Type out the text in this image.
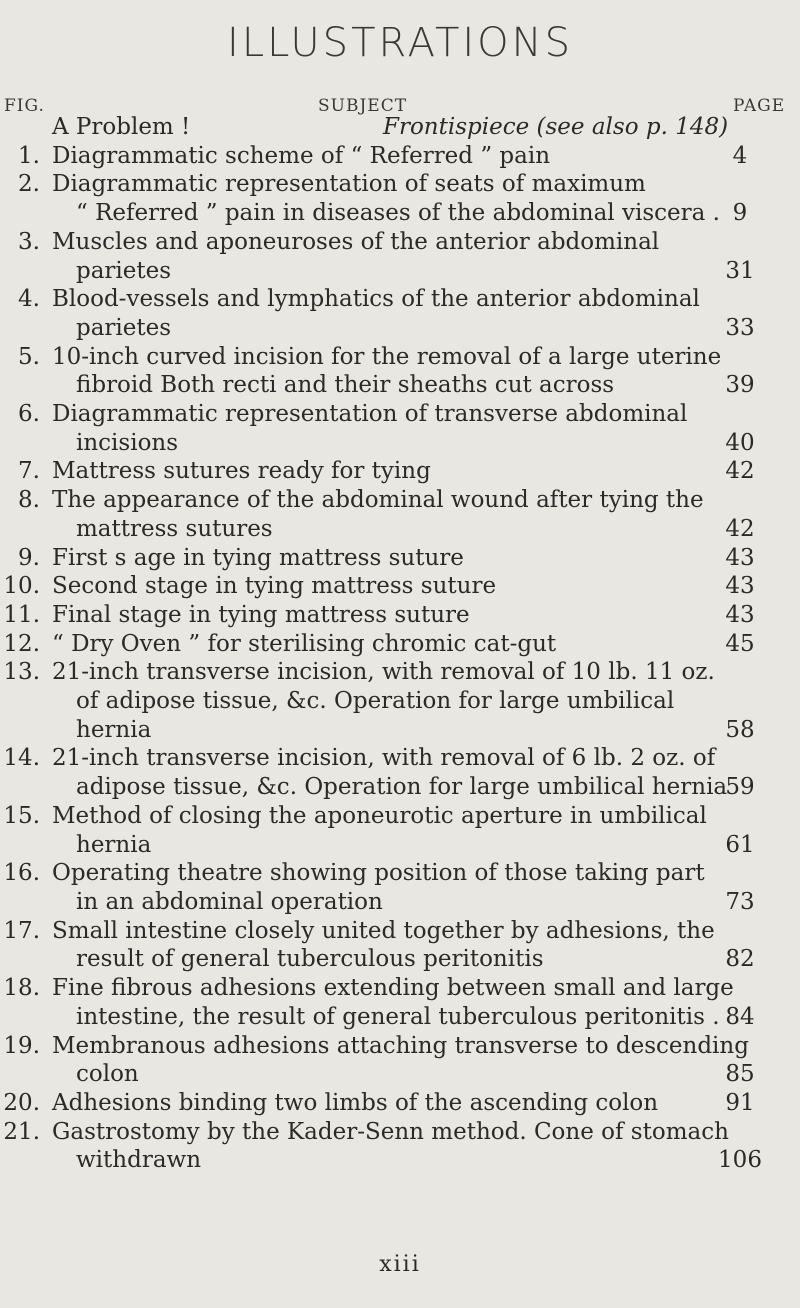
ILLUSTRATIONS
FIG.	SUBJECT	PAGE
A Problem !	Frontispiece (see also p. 148)
1. Diagrammatic scheme of “ Referred ” pain	4
2. Diagrammatic representation of seats of maximum
“ Referred ” pain in diseases of the abdominal viscera . 9
3. Muscles and aponeuroses of the anterior abdominal
parietes	31
4. Blood-vessels and lymphatics of the anterior abdominal
parietes	33
5. 10-inch curved incision for the removal of a large uterine
fibroid Both recti and their sheaths cut across	39
6. Diagrammatic representation of transverse abdominal
incisions	40
7. Mattress sutures ready for tying	42
8. The appearance of the abdominal wound after tying the
mattress sutures	42
9. First s age in tying mattress suture	43
10. Second stage in tying mattress suture	43
11. Final stage in tying mattress suture	43
12. “ Dry Oven ” for sterilising chromic cat-gut	45
13. 21-inch transverse incision, with removal of 10 lb. 11 oz.
of adipose tissue, &c. Operation for large umbilical
hernia	58
14. 21-inch transverse incision, with removal of 6 lb. 2 oz. of
adipose tissue, &c. Operation for large umbilical hernia
59
15. Method of closing the aponeurotic aperture in umbilical
hernia	61
16. Operating theatre showing position of those taking part
in an abdominal operation	73
17. Small intestine closely united together by adhesions, the
result of general tuberculous peritonitis	82
18. Fine fibrous adhesions extending between small and large
intestine, the result of general tuberculous peritonitis . 84
19. Membranous adhesions attaching transverse to descending
colon	85
20. Adhesions binding two limbs of the ascending colon	91
21. Gastrostomy by the Kader-Senn method. Cone of stomach
withdrawn	106
xiii
